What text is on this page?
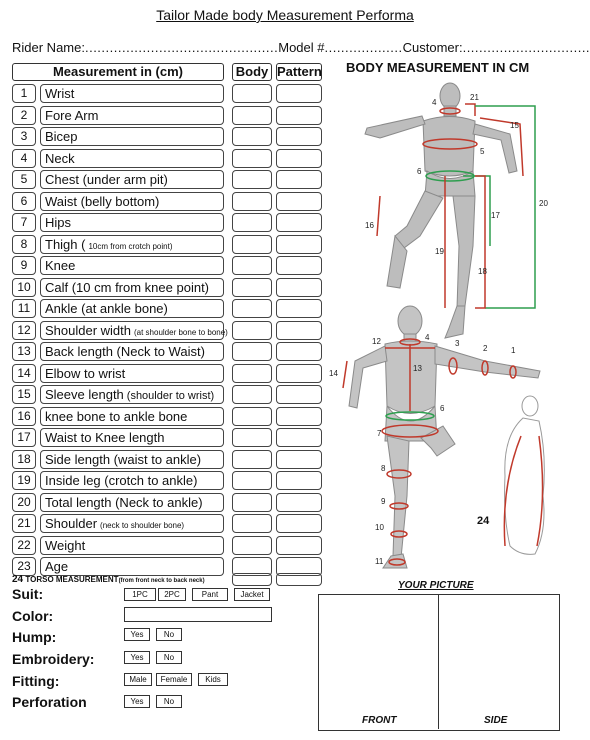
Tailor Made body Measurement Performa
Rider Name:...............................................Model #...................Customer:...............................
Measurement in (cm)	Body Pattern
1	Wrist
2	Fore Arm
3	Bicep
4	Neck
5	Chest (under arm pit)
6	Waist (belly bottom)
7	Hips
8	Thigh ( 10cm from crotch point)
9	Knee
10	Calf (10 cm from knee point)
11	Ankle (at ankle bone)
12	Shoulder width (at shoulder bone to bone)
13	Back length (Neck to Waist)
14	Elbow to wrist
15	Sleeve length (shoulder to wrist)
16	knee bone to ankle bone
17	Waist to Knee length
18	Side length (waist to ankle)
19	Inside leg (crotch to ankle)
20	Total length (Neck to ankle)
21	Shoulder (neck to shoulder bone)
22	Weight
23	Age
24 TORSO MEASUREMENT(from front neck to back neck)
BODY MEASUREMENT IN CM
4
21
15
5
6
20
16
17
19
18
12	4
3
2	1
14
13
6
7
8
9
10
11
24
Suit:	1PC	2PC	Pant	Jacket
Color:
Hump:	Yes	No
Embroidery:	Yes	No
Fitting:	Male	Female	Kids
Perforation	Yes	No
YOUR PICTURE
FRONT	SIDE
